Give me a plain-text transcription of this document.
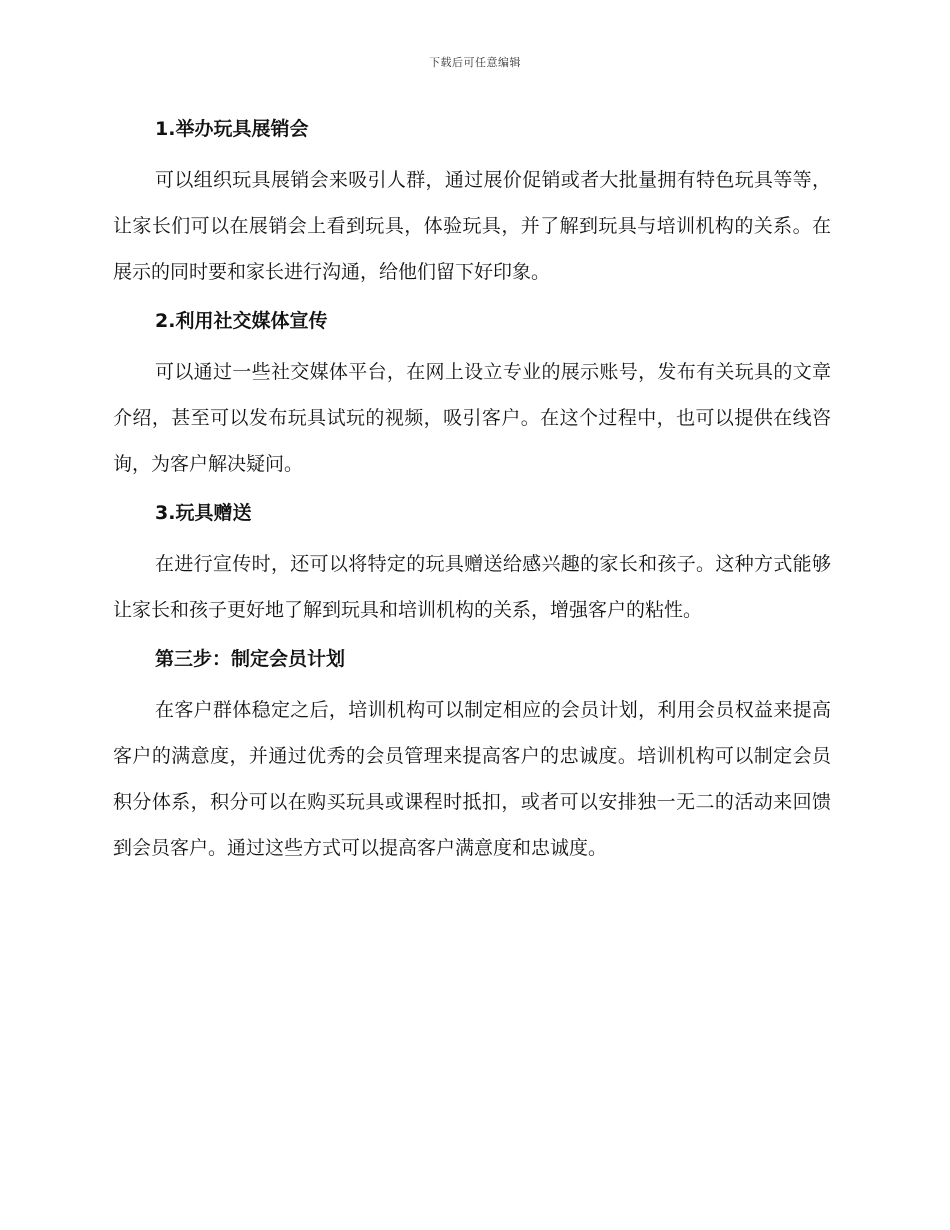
下载后可任意编辑
1.举办玩具展销会

可以组织玩具展销会来吸引人群，通过展价促销或者大批量拥有特色玩具等等，让家长们可以在展销会上看到玩具，体验玩具，并了解到玩具与培训机构的关系。在展示的同时要和家长进行沟通，给他们留下好印象。

2.利用社交媒体宣传

可以通过一些社交媒体平台，在网上设立专业的展示账号，发布有关玩具的文章介绍，甚至可以发布玩具试玩的视频，吸引客户。在这个过程中，也可以提供在线咨询，为客户解决疑问。

3.玩具赠送

在进行宣传时，还可以将特定的玩具赠送给感兴趣的家长和孩子。这种方式能够让家长和孩子更好地了解到玩具和培训机构的关系，增强客户的粘性。

第三步：制定会员计划

在客户群体稳定之后，培训机构可以制定相应的会员计划，利用会员权益来提高客户的满意度，并通过优秀的会员管理来提高客户的忠诚度。培训机构可以制定会员积分体系，积分可以在购买玩具或课程时抵扣，或者可以安排独一无二的活动来回馈到会员客户。通过这些方式可以提高客户满意度和忠诚度。
